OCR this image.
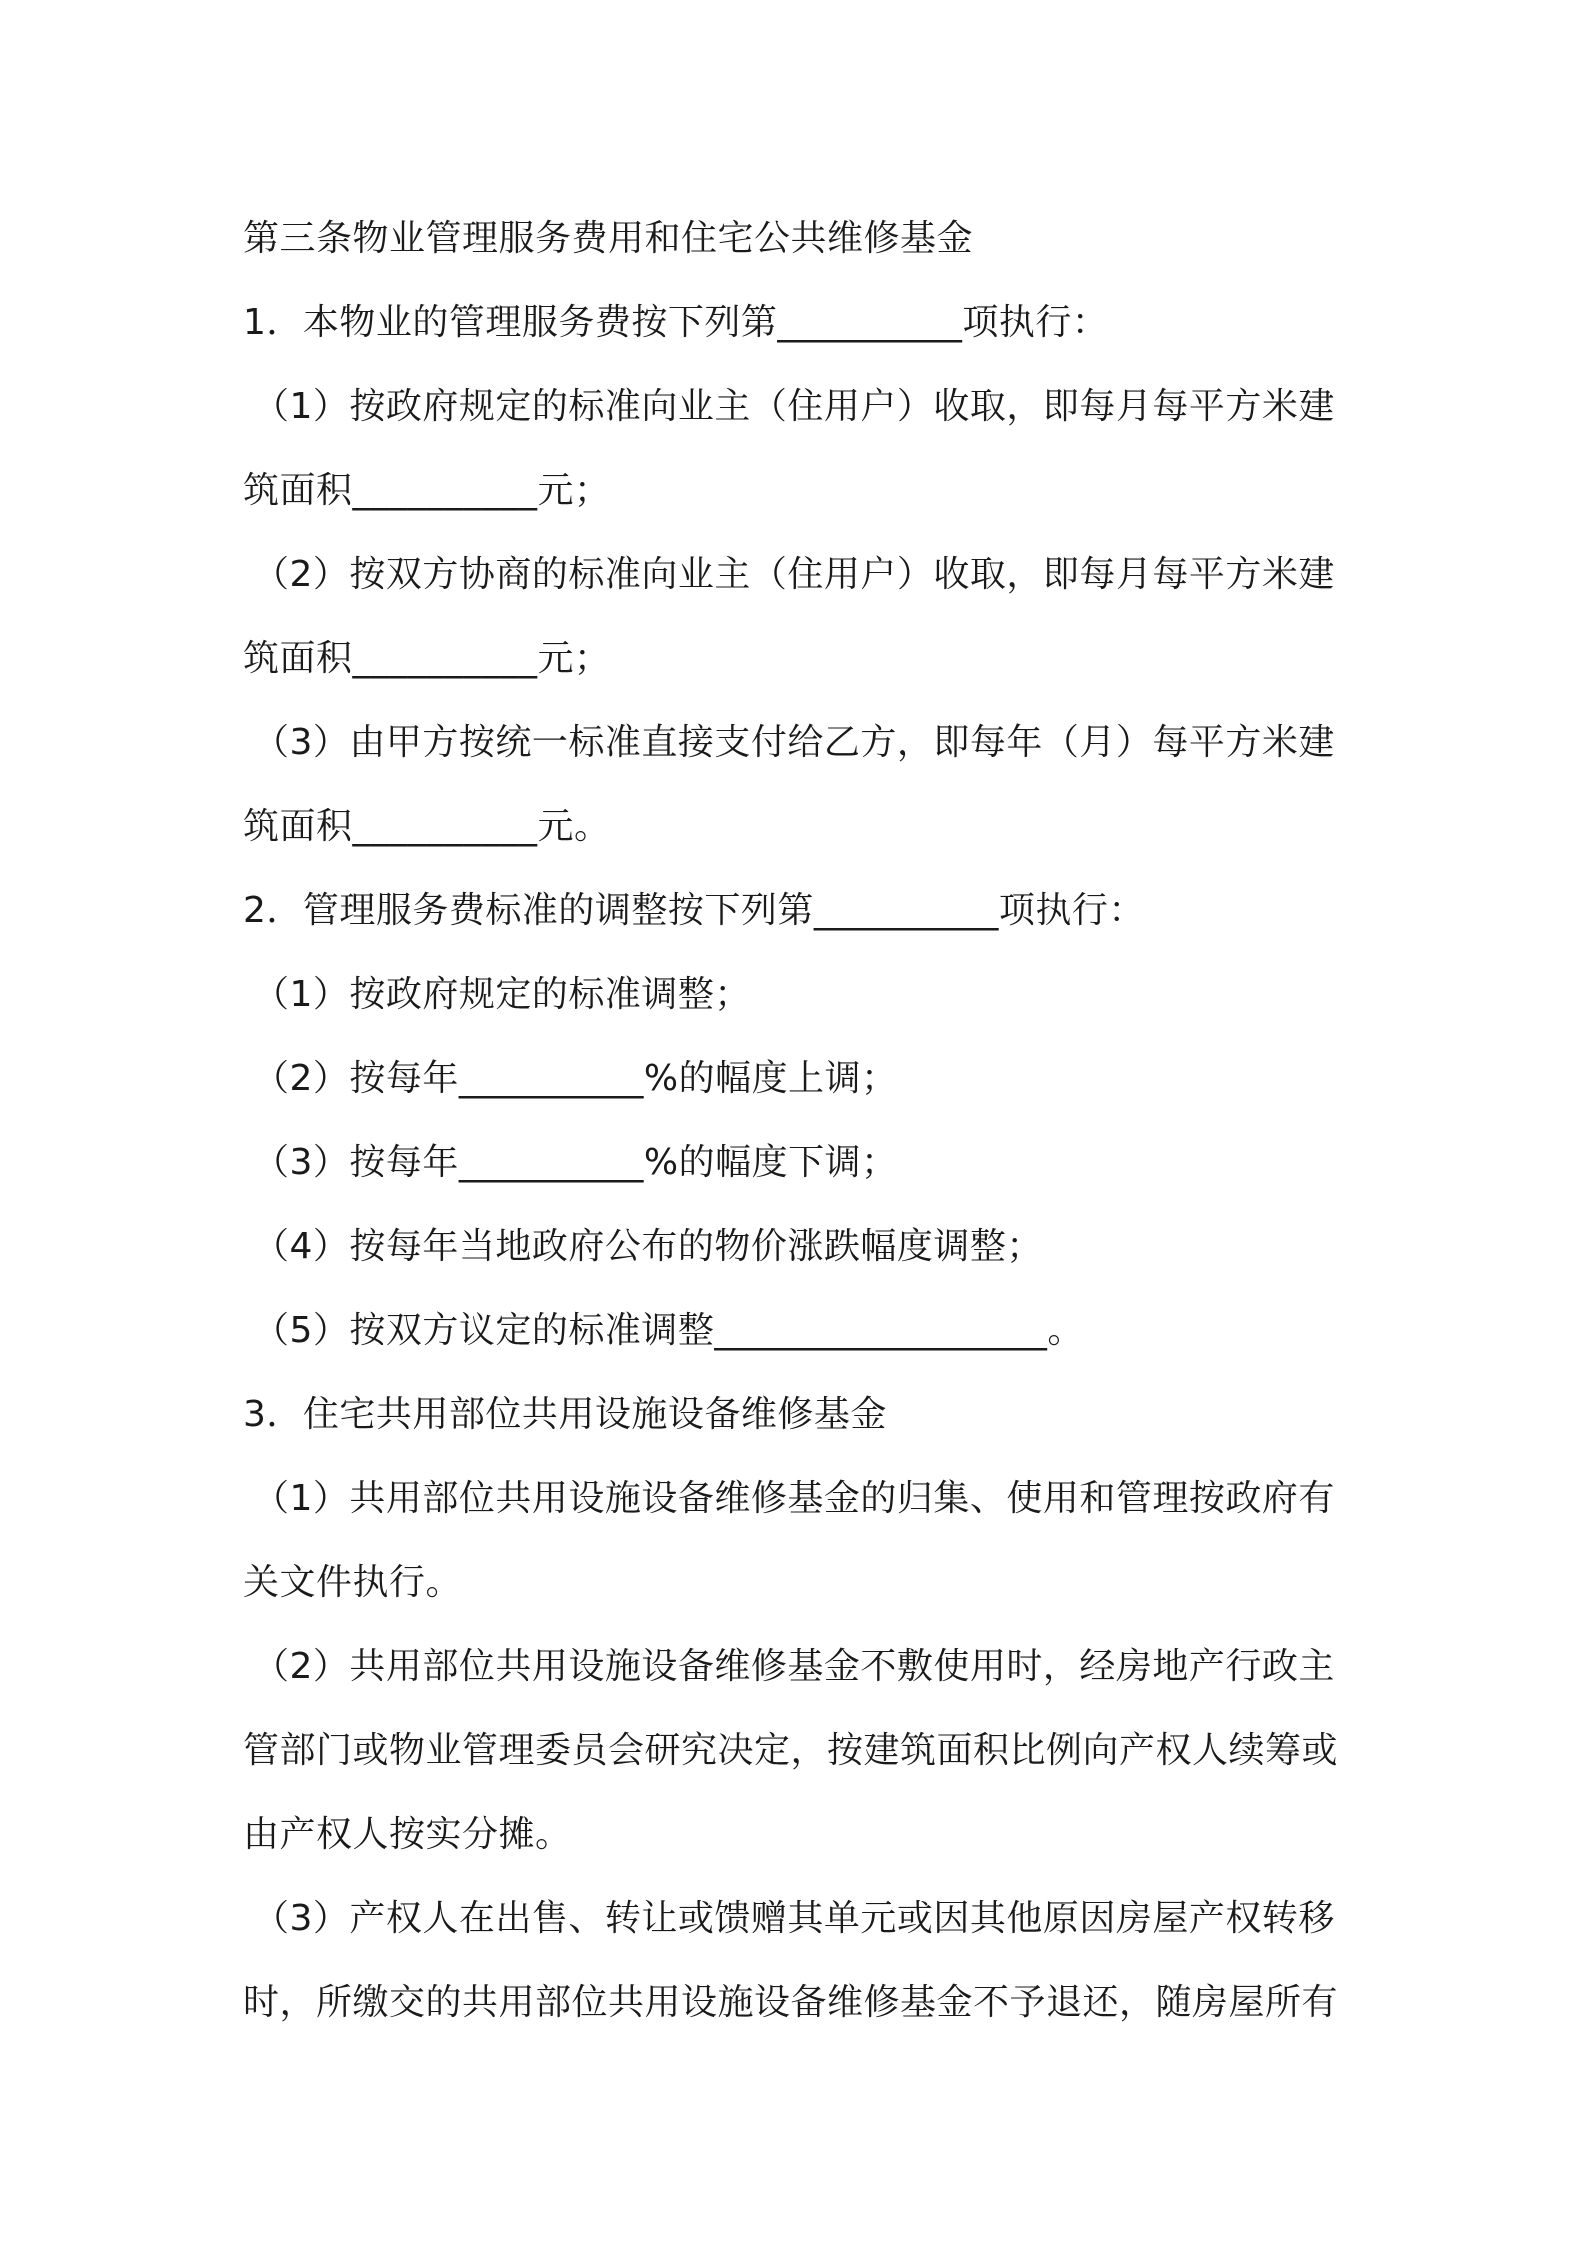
第三条物业管理服务费用和住宅公共维修基金
1．本物业的管理服务费按下列第__________项执行：
（1）按政府规定的标准向业主（住用户）收取，即每月每平方米建
筑面积__________元；
（2）按双方协商的标准向业主（住用户）收取，即每月每平方米建
筑面积__________元；
（3）由甲方按统一标准直接支付给乙方，即每年（月）每平方米建
筑面积__________元。
2．管理服务费标准的调整按下列第__________项执行：
（1）按政府规定的标准调整；
（2）按每年__________%的幅度上调；
（3）按每年__________%的幅度下调；
（4）按每年当地政府公布的物价涨跌幅度调整；
（5）按双方议定的标准调整__________________。
3．住宅共用部位共用设施设备维修基金
（1）共用部位共用设施设备维修基金的归集、使用和管理按政府有
关文件执行。
（2）共用部位共用设施设备维修基金不敷使用时，经房地产行政主
管部门或物业管理委员会研究决定，按建筑面积比例向产权人续筹或
由产权人按实分摊。
（3）产权人在出售、转让或馈赠其单元或因其他原因房屋产权转移
时，所缴交的共用部位共用设施设备维修基金不予退还，随房屋所有
